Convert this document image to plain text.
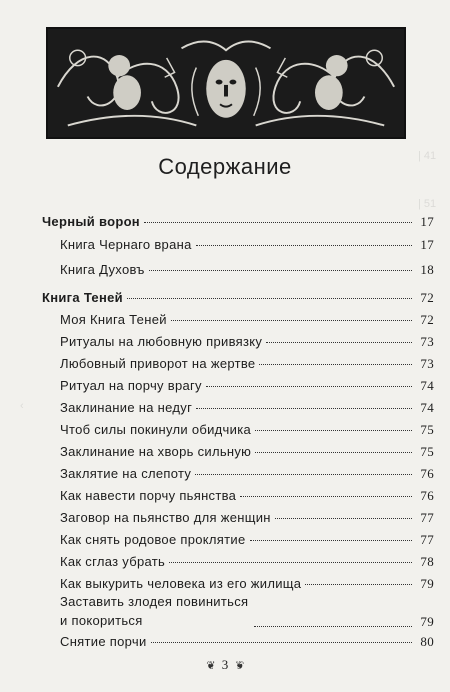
| 41
| 51
‹
Содержание
Черный ворон	17
Книга Чернаго врана	17
Книга Духовъ	18
Книга Теней	72
Моя Книга Теней	72
Ритуалы на любовную привязку	73
Любовный приворот на жертве	73
Ритуал на порчу врагу	74
Заклинание на недуг	74
Чтоб силы покинули обидчика	75
Заклинание на хворь сильную	75
Заклятие на слепоту	76
Как навести порчу пьянства	76
Заговор на пьянство для женщин	77
Как снять родовое проклятие	77
Как сглаз убрать	78
Как выкурить человека из его жилища	79
Заставить злодея повиниться и покориться	79
Снятие порчи	80
❦ 3 ❦
